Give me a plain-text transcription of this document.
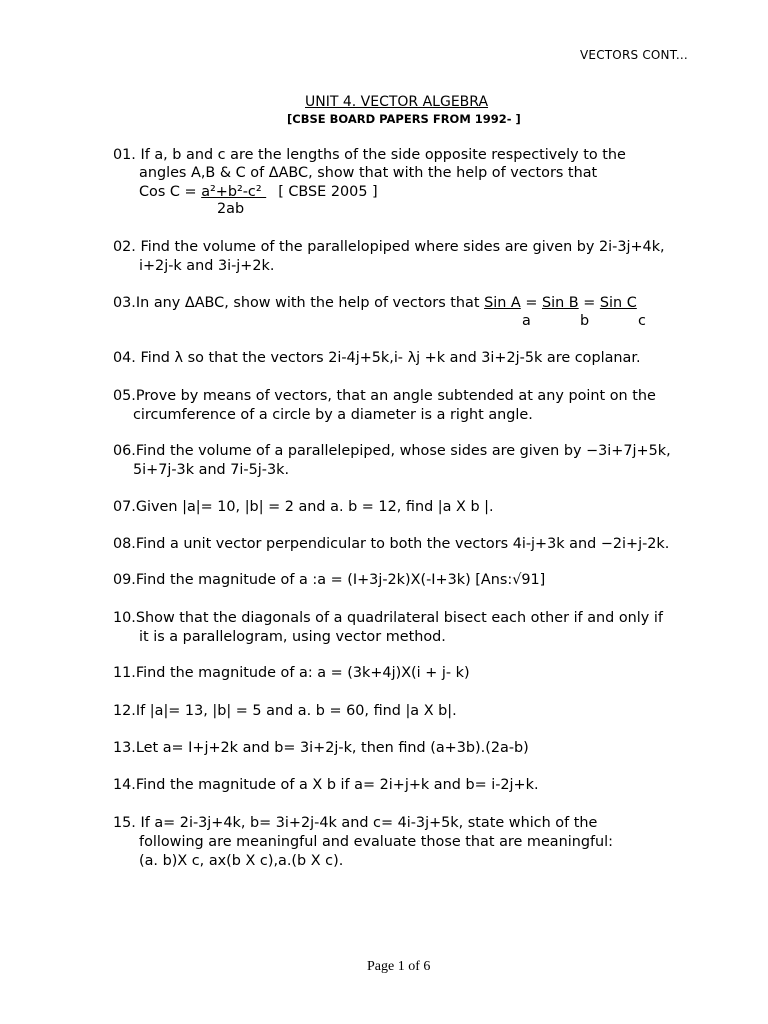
VECTORS CONT...
UNIT 4. VECTOR ALGEBRA
[CBSE BOARD PAPERS FROM 1992- ]
01. If a, b and c are the lengths of the side opposite respectively to the
angles A,B & C of ΔABC, show that with the help of vectors that
Cos C = a²+b²-c² [ CBSE 2005 ]
2ab
02. Find the volume of the parallelopiped where sides are given by 2i-3j+4k,
i+2j-k and 3i-j+2k.
03.In any ΔABC, show with the help of vectors that Sin A = Sin B = Sin C
a	b	c
04. Find λ so that the vectors 2i-4j+5k,i- λj +k and 3i+2j-5k are coplanar.
05.Prove by means of vectors, that an angle subtended at any point on the
circumference of a circle by a diameter is a right angle.
06.Find the volume of a parallelepiped, whose sides are given by −3i+7j+5k,
5i+7j-3k and 7i-5j-3k.
07.Given |a|= 10, |b| = 2 and a. b = 12, find |a X b |.
08.Find a unit vector perpendicular to both the vectors 4i-j+3k and −2i+j-2k.
09.Find the magnitude of a :a = (I+3j-2k)X(-I+3k) [Ans:√91]
10.Show that the diagonals of a quadrilateral bisect each other if and only if
it is a parallelogram, using vector method.
11.Find the magnitude of a: a = (3k+4j)X(i + j- k)
12.If |a|= 13, |b| = 5 and a. b = 60, find |a X b|.
13.Let a= I+j+2k and b= 3i+2j-k, then find (a+3b).(2a-b)
14.Find the magnitude of a X b if a= 2i+j+k and b= i-2j+k.
15. If a= 2i-3j+4k, b= 3i+2j-4k and c= 4i-3j+5k, state which of the
following are meaningful and evaluate those that are meaningful:
(a. b)X c, ax(b X c),a.(b X c).
Page 1 of 6
